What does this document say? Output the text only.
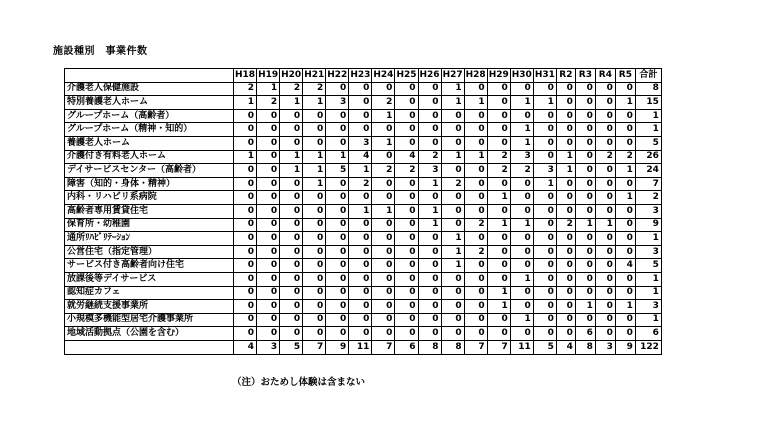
施設種別　事業件数
	H18	H19	H20	H21	H22	H23	H24	H25	H26	H27	H28	H29	H30	H31	R2	R3	R4	R5	合計
介護老人保健施設	2	1	2	2	0	0	0	0	0	1	0	0	0	0	0	0	0	0	8
特別養護老人ホーム	1	2	1	1	3	0	2	0	0	1	1	0	1	1	0	0	0	1	15
グループホーム（高齢者）	0	0	0	0	0	0	1	0	0	0	0	0	0	0	0	0	0	0	1
グループホーム（精神・知的）	0	0	0	0	0	0	0	0	0	0	0	0	1	0	0	0	0	0	1
養護老人ホーム	0	0	0	0	0	3	1	0	0	0	0	0	1	0	0	0	0	0	5
介護付き有料老人ホーム	1	0	1	1	1	4	0	4	2	1	1	2	3	0	1	0	2	2	26
デイサービスセンター（高齢者）	0	0	1	1	5	1	2	2	3	0	0	2	2	3	1	0	0	1	24
障害（知的・身体・精神）	0	0	0	1	0	2	0	0	1	2	0	0	0	1	0	0	0	0	7
内科・リハビリ系病院	0	0	0	0	0	0	0	0	0	0	0	1	0	0	0	0	0	1	2
高齢者専用賃貸住宅	0	0	0	0	0	1	1	0	1	0	0	0	0	0	0	0	0	0	3
保育所・幼稚園	0	0	0	0	0	0	0	0	1	0	2	1	1	0	2	1	1	0	9
通所ﾘﾊﾋﾞﾘﾃｰｼｮﾝ	0	0	0	0	0	0	0	0	0	1	0	0	0	0	0	0	0	0	1
公営住宅（指定管理）	0	0	0	0	0	0	0	0	0	1	2	0	0	0	0	0	0	0	3
サービス付き高齢者向け住宅	0	0	0	0	0	0	0	0	0	1	0	0	0	0	0	0	0	4	5
放課後等デイサービス	0	0	0	0	0	0	0	0	0	0	0	0	1	0	0	0	0	0	1
認知症カフェ	0	0	0	0	0	0	0	0	0	0	0	1	0	0	0	0	0	0	1
就労継続支援事業所	0	0	0	0	0	0	0	0	0	0	0	1	0	0	0	1	0	1	3
小規模多機能型居宅介護事業所	0	0	0	0	0	0	0	0	0	0	0	0	1	0	0	0	0	0	1
地域活動拠点（公園を含む）	0	0	0	0	0	0	0	0	0	0	0	0	0	0	0	6	0	0	6
	4	3	5	7	9	11	7	6	8	8	7	7	11	5	4	8	3	9	122
（注）おためし体験は含まない
